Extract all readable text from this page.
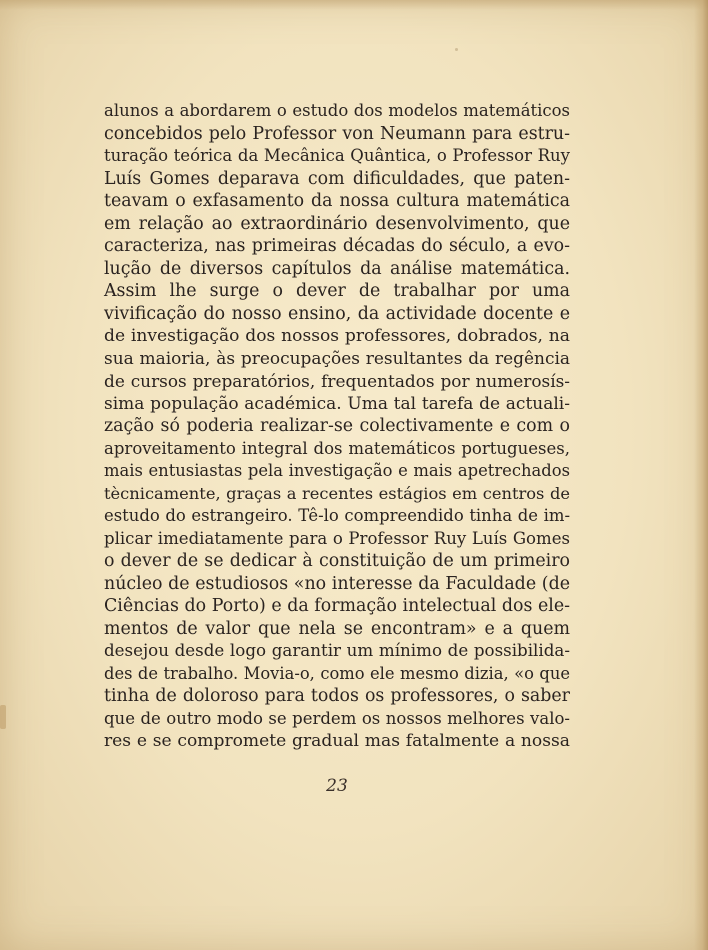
alunos a abordarem o estudo dos modelos matemáticos
concebidos pelo Professor von Neumann para estru-
turação teórica da Mecânica Quântica, o Professor Ruy
Luís Gomes deparava com dificuldades, que paten-
teavam o exfasamento da nossa cultura matemática
em relação ao extraordinário desenvolvimento, que
caracteriza, nas primeiras décadas do século, a evo-
lução de diversos capítulos da análise matemática.
Assim lhe surge o dever de trabalhar por uma
vivificação do nosso ensino, da actividade docente e
de investigação dos nossos professores, dobrados, na
sua maioria, às preocupações resultantes da regência
de cursos preparatórios, frequentados por numerosís-
sima população académica. Uma tal tarefa de actuali-
zação só poderia realizar-se colectivamente e com o
aproveitamento integral dos matemáticos portugueses,
mais entusiastas pela investigação e mais apetrechados
tècnicamente, graças a recentes estágios em centros de
estudo do estrangeiro. Tê-lo compreendido tinha de im-
plicar imediatamente para o Professor Ruy Luís Gomes
o dever de se dedicar à constituição de um primeiro
núcleo de estudiosos «no interesse da Faculdade (de
Ciências do Porto) e da formação intelectual dos ele-
mentos de valor que nela se encontram» e a quem
desejou desde logo garantir um mínimo de possibilida-
des de trabalho. Movia-o, como ele mesmo dizia, «o que
tinha de doloroso para todos os professores, o saber
que de outro modo se perdem os nossos melhores valo-
res e se compromete gradual mas fatalmente a nossa
23
